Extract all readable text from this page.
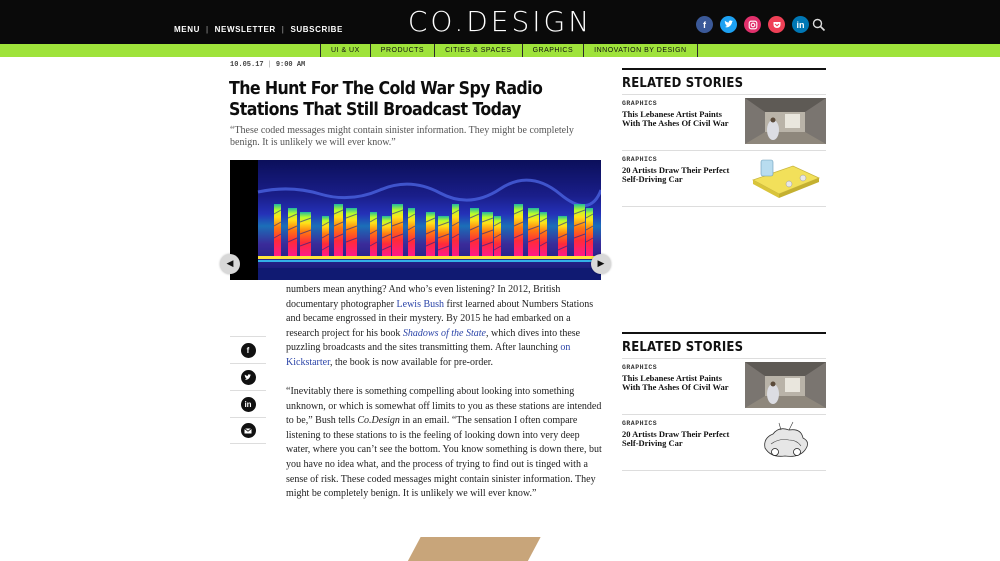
MENU | NEWSLETTER | SUBSCRIBE	CO.DESIGN	f	in
UI & UX	PRODUCTS	CITIES & SPACES	GRAPHICS	INNOVATION BY DESIGN
10.05.17 | 9:00 AM
The Hunt For The Cold War Spy Radio Stations That Still Broadcast Today

“These coded messages might contain sinister information. They might be completely benign. It is unlikely we will ever know.”

◀	▶
f
in

numbers mean anything? And who’s even listening? In 2012, British documentary photographer Lewis Bush first learned about Numbers Stations and became engrossed in their mystery. By 2015 he had embarked on a research project for his book Shadows of the State, which dives into these puzzling broadcasts and the sites transmitting them. After launching on Kickstarter, the book is now available for pre-order.

“Inevitably there is something compelling about looking into something unknown, or which is somewhat off limits to you as these stations are intended to be,” Bush tells Co.Design in an email. “The sensation I often compare listening to these stations to is the feeling of looking down into very deep water, where you can’t see the bottom. You know something is down there, but you have no idea what, and the process of trying to find out is tinged with a sense of risk. These coded messages might contain sinister information. They might be completely benign. It is unlikely we will ever know.”

RELATED STORIES
GRAPHICS
This Lebanese Artist Paints With The Ashes Of Civil War
GRAPHICS
20 Artists Draw Their Perfect Self-Driving Car
RELATED STORIES
GRAPHICS
This Lebanese Artist Paints With The Ashes Of Civil War
GRAPHICS
20 Artists Draw Their Perfect Self-Driving Car
